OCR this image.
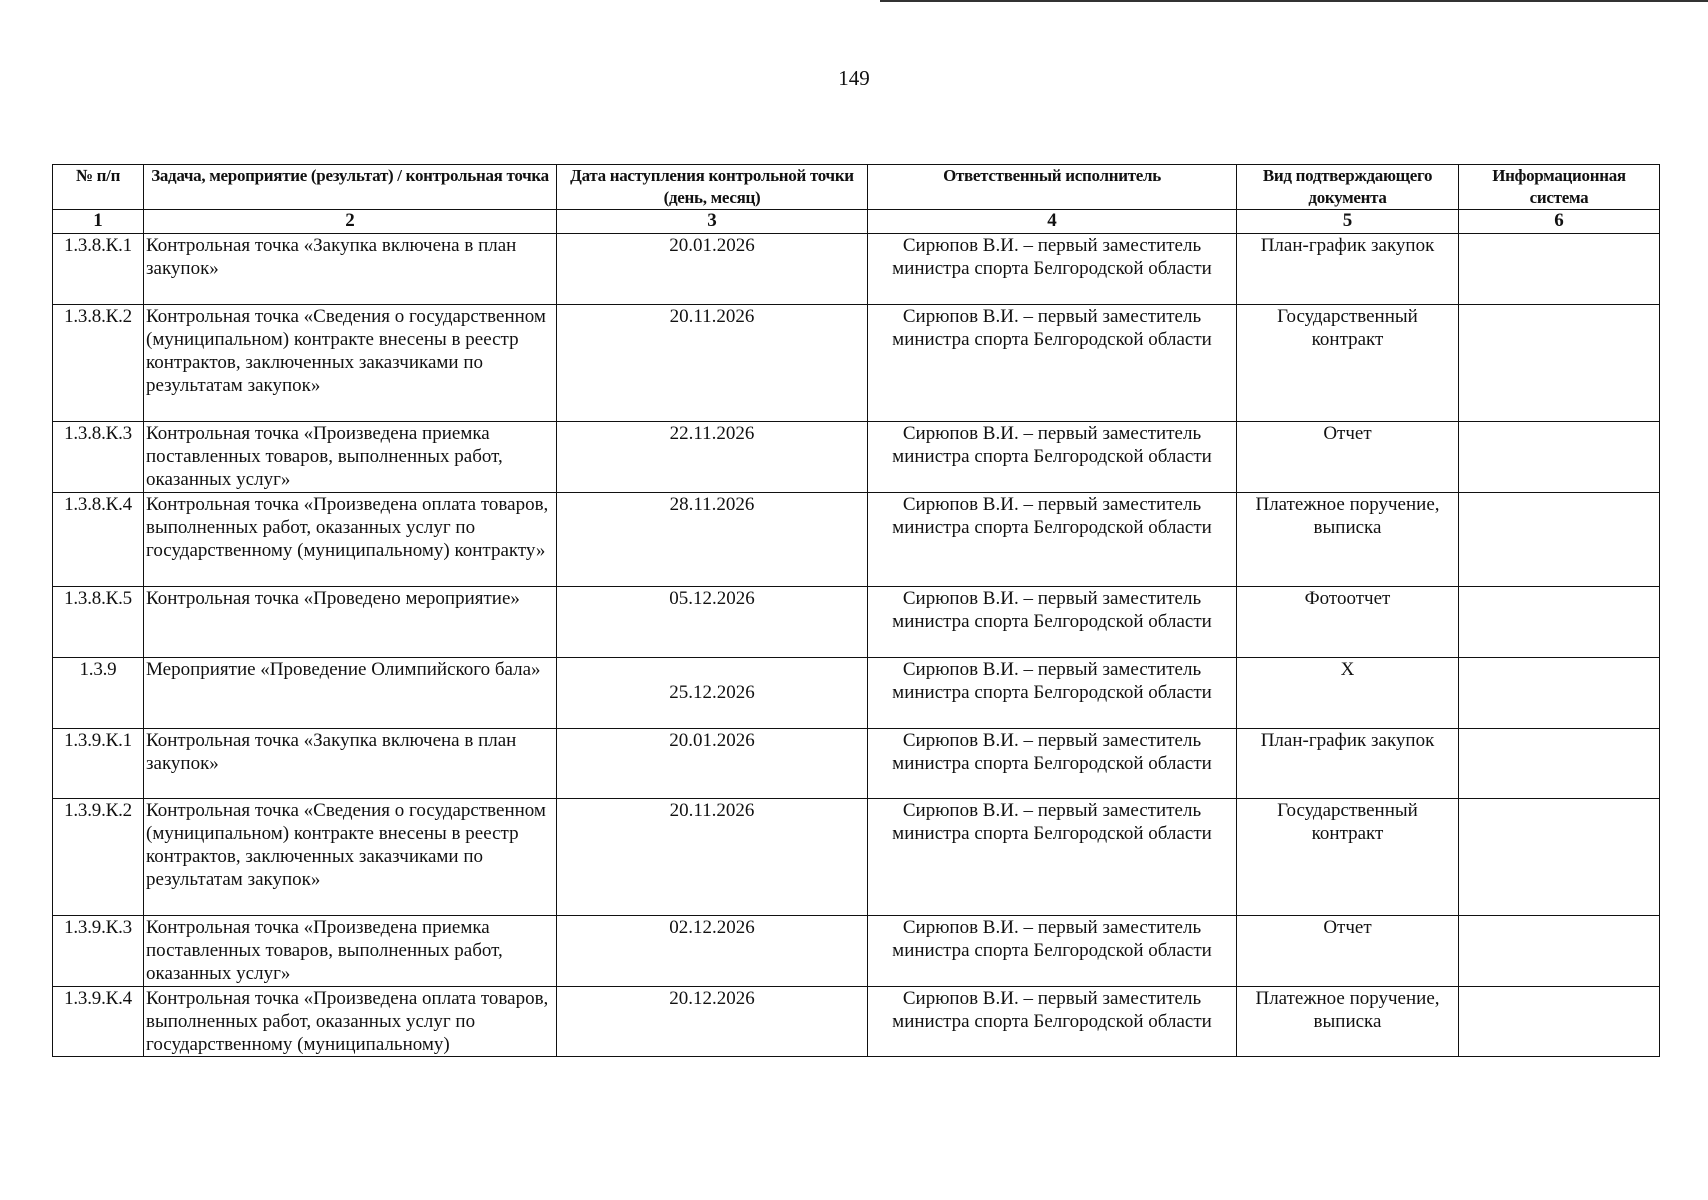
149
№ п/п	Задача, мероприятие (результат) / контрольная точка	Дата наступления контрольной точки (день, месяц)	Ответственный исполнитель	Вид подтверждающего документа	Информационная система
1	2	3	4	5	6
1.3.8.К.1	Контрольная точка «Закупка включена в план закупок»	20.01.2026	Сирюпов В.И. – первый заместитель министра спорта Белгородской области	План-график закупок	
1.3.8.К.2	Контрольная точка «Сведения о государственном (муниципальном) контракте внесены в реестр контрактов, заключенных заказчиками по результатам закупок»	20.11.2026	Сирюпов В.И. – первый заместитель министра спорта Белгородской области	Государственный контракт	
1.3.8.К.3	Контрольная точка «Произведена приемка поставленных товаров, выполненных работ, оказанных услуг»	22.11.2026	Сирюпов В.И. – первый заместитель министра спорта Белгородской области	Отчет	
1.3.8.К.4	Контрольная точка «Произведена оплата товаров, выполненных работ, оказанных услуг по государственному (муниципальному) контракту»	28.11.2026	Сирюпов В.И. – первый заместитель министра спорта Белгородской области	Платежное поручение, выписка	
1.3.8.К.5	Контрольная точка «Проведено мероприятие»	05.12.2026	Сирюпов В.И. – первый заместитель министра спорта Белгородской области	Фотоотчет	
1.3.9	Мероприятие «Проведение Олимпийского бала»	25.12.2026	Сирюпов В.И. – первый заместитель министра спорта Белгородской области	Х	
1.3.9.К.1	Контрольная точка «Закупка включена в план закупок»	20.01.2026	Сирюпов В.И. – первый заместитель министра спорта Белгородской области	План-график закупок	
1.3.9.К.2	Контрольная точка «Сведения о государственном (муниципальном) контракте внесены в реестр контрактов, заключенных заказчиками по результатам закупок»	20.11.2026	Сирюпов В.И. – первый заместитель министра спорта Белгородской области	Государственный контракт	
1.3.9.К.3	Контрольная точка «Произведена приемка поставленных товаров, выполненных работ, оказанных услуг»	02.12.2026	Сирюпов В.И. – первый заместитель министра спорта Белгородской области	Отчет	
1.3.9.К.4	Контрольная точка «Произведена оплата товаров, выполненных работ, оказанных услуг по государственному (муниципальному)	20.12.2026	Сирюпов В.И. – первый заместитель министра спорта Белгородской области	Платежное поручение, выписка	
